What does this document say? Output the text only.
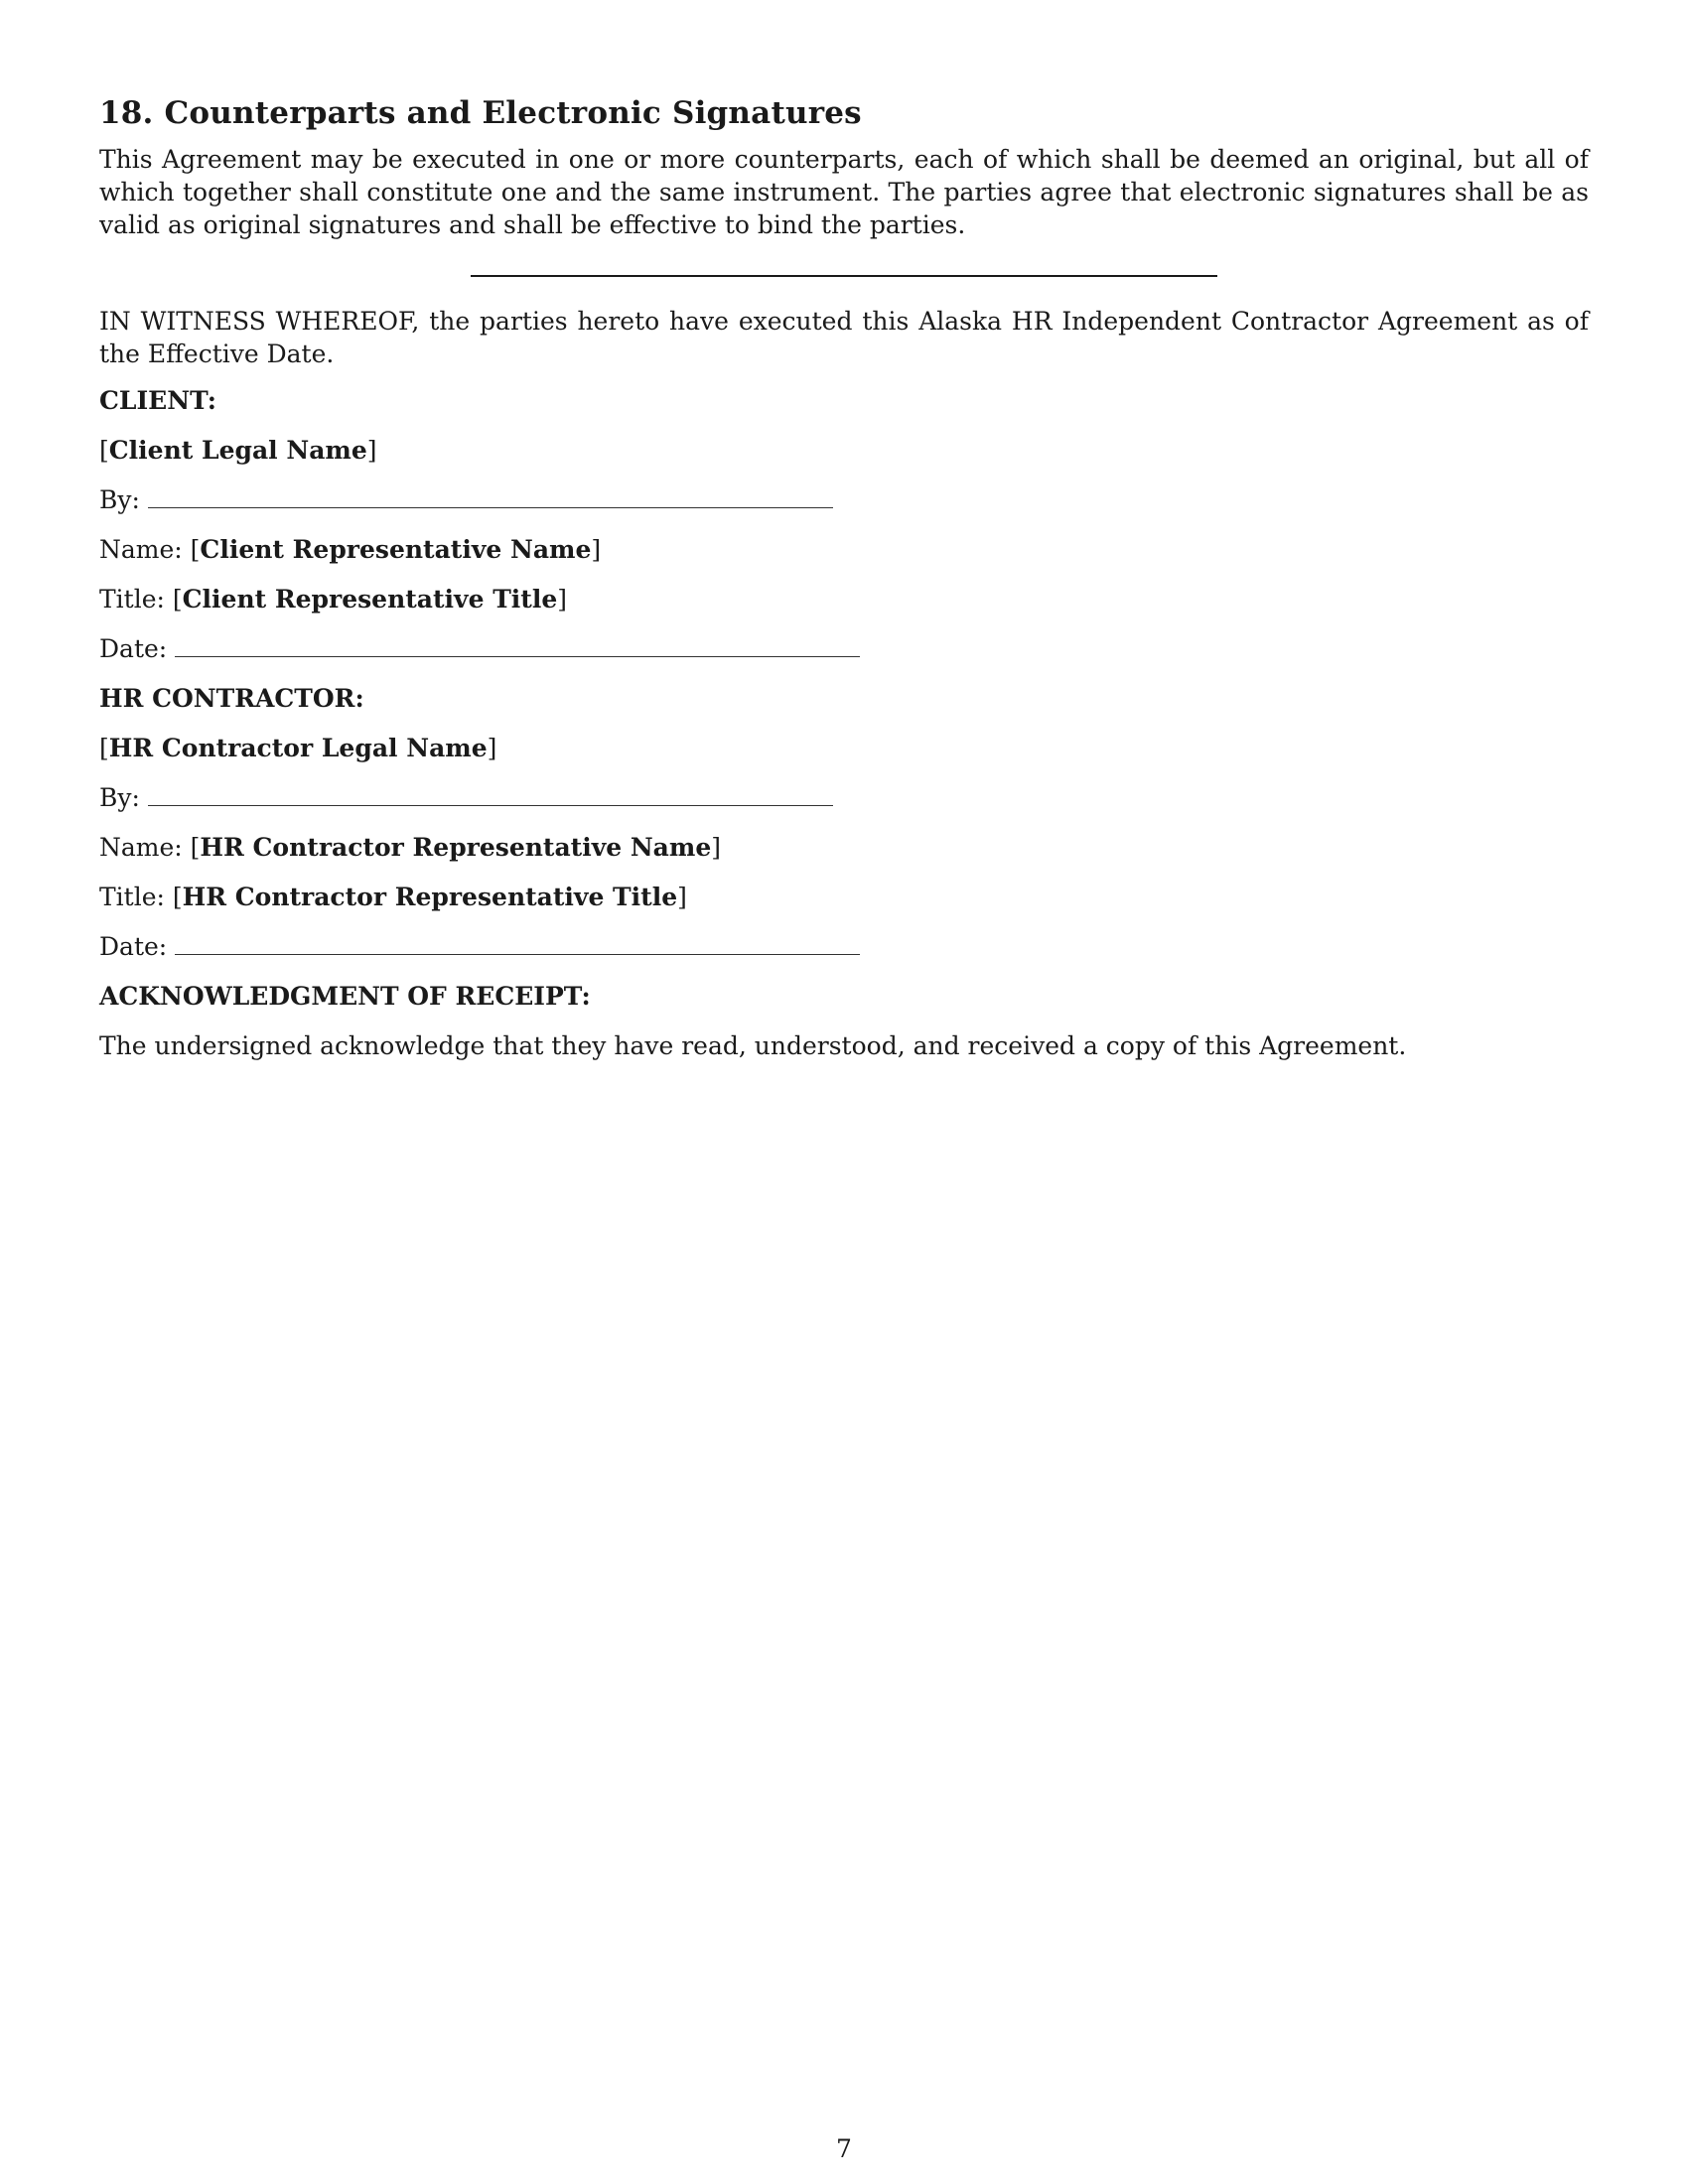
18. Counterparts and Electronic Signatures

This Agreement may be executed in one or more counterparts, each of which shall be deemed an original, but all of which together shall constitute one and the same instrument. The parties agree that electronic signatures shall be as valid as original signatures and shall be effective to bind the parties.

IN WITNESS WHEREOF, the parties hereto have executed this Alaska HR Independent Contractor Agreement as of the Effective Date.

CLIENT:
[Client Legal Name]
By:
Name: [Client Representative Name]
Title: [Client Representative Title]
Date:
HR CONTRACTOR:
[HR Contractor Legal Name]
By:
Name: [HR Contractor Representative Name]
Title: [HR Contractor Representative Title]
Date:
ACKNOWLEDGMENT OF RECEIPT:
The undersigned acknowledge that they have read, understood, and received a copy of this Agreement.
7
